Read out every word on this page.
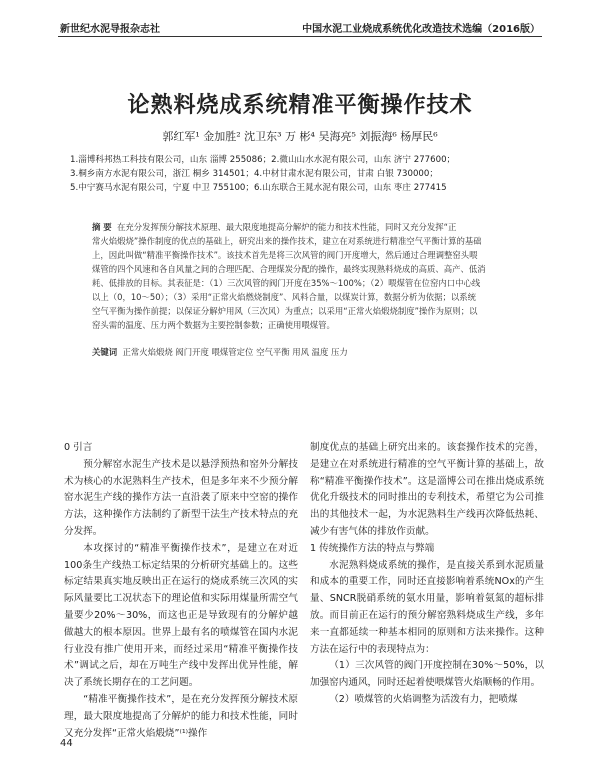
新世纪水泥导报杂志社	中国水泥工业烧成系统优化改造技术选编（2016版）
论熟料烧成系统精准平衡操作技术
郭红军¹ 金加胜² 沈卫东³ 万 彬⁴ 吴海亮⁵ 刘振海⁶ 杨厚民⁶
1.淄博科邦热工科技有限公司，山东 淄博 255086；2.微山山水水泥有限公司，山东 济宁 277600；
3.桐乡南方水泥有限公司，浙江 桐乡 314501；4.中材甘肃水泥有限公司，甘肃 白银 730000；
5.中宁赛马水泥有限公司，宁夏 中卫 755100；6.山东联合王晁水泥有限公司，山东 枣庄 277415
摘 要 在充分发挥预分解技术原理、最大限度地提高分解炉的能力和技术性能，同时又充分发挥“正
常火焰煅烧”操作制度的优点的基础上，研究出来的操作技术，建立在对系统进行精准空气平衡计算的基础
上，因此叫做“精准平衡操作技术”。该技术首先是将三次风管的阀门开度增大，然后通过合理调整窑头喂
煤管的四个风速和各自风量之间的合理匹配、合理煤炭分配的操作，最终实现熟料烧成的高质、高产、低消
耗、低排放的目标。其表征是：（1）三次风管的阀门开度在35%～100%；（2）喂煤管在位窑内口中心线
以上（0，10～50）；（3）采用“正常火焰燃烧制度”、风料合量，以煤炭计算，数据分析为依据；以系统
空气平衡为操作前提；以保证分解炉用风（三次风）为重点；以采用“正常火焰煅烧制度”操作为原则；以
窑头需的温度、压力两个数据为主要控制参数；正确使用喂煤管。
关键词 正常火焰煅烧 阀门开度 喂煤管定位 空气平衡 用风 温度 压力

0 引言

预分解窑水泥生产技术是以悬浮预热和窑外分解技术为核心的水泥熟料生产技术，但是多年来不少预分解窑水泥生产线的操作方法一直沿袭了原来中空窑的操作方法，这种操作方法制约了新型干法生产技术特点的充分发挥。

本攻探讨的“精准平衡操作技术”，是建立在对近100条生产线热工标定结果的分析研究基础上的。这些标定结果真实地反映出正在运行的烧成系统三次风的实际风量要比工况状态下的理论值和实际用煤量所需空气量要少20%～30%，而这也正是导致现有的分解炉越做越大的根本原因。世界上最有名的喷煤管在国内水泥行业没有推广使用开来，而经过采用“精准平衡操作技术”调试之后，却在万吨生产线中发挥出优异性能，解决了系统长期存在的工艺问题。

“精准平衡操作技术”，是在充分发挥预分解技术原理，最大限度地提高了分解炉的能力和技术性能，同时又充分发挥“正常火焰煅烧”⁽¹⁾操作

制度优点的基础上研究出来的。该套操作技术的完善，是建立在对系统进行精准的空气平衡计算的基础上，故称“精准平衡操作技术”。这是淄博公司在推出烧成系统优化升级技术的同时推出的专利技术，希望它为公司推出的其他技术一起，为水泥熟料生产线再次降低热耗、减少有害气体的排放作贡献。

1 传统操作方法的特点与弊端

水泥熟料烧成系统的操作，是直接关系到水泥质量和成本的重要工作，同时还直接影响着系统NOx的产生量、SNCR脱硝系统的氨水用量，影响着氨氮的超标排放。而目前正在运行的预分解窑熟料烧成生产线，多年来一直都延续一种基本相同的原则和方法来操作。这种方法在运行中的表现特点为：

（1）三次风管的阀门开度控制在30%～50%，以加强窑内通风，同时还起着使喂煤管火焰顺畅的作用。

（2）喷煤管的火焰调整为活泼有力，把喷煤

44
